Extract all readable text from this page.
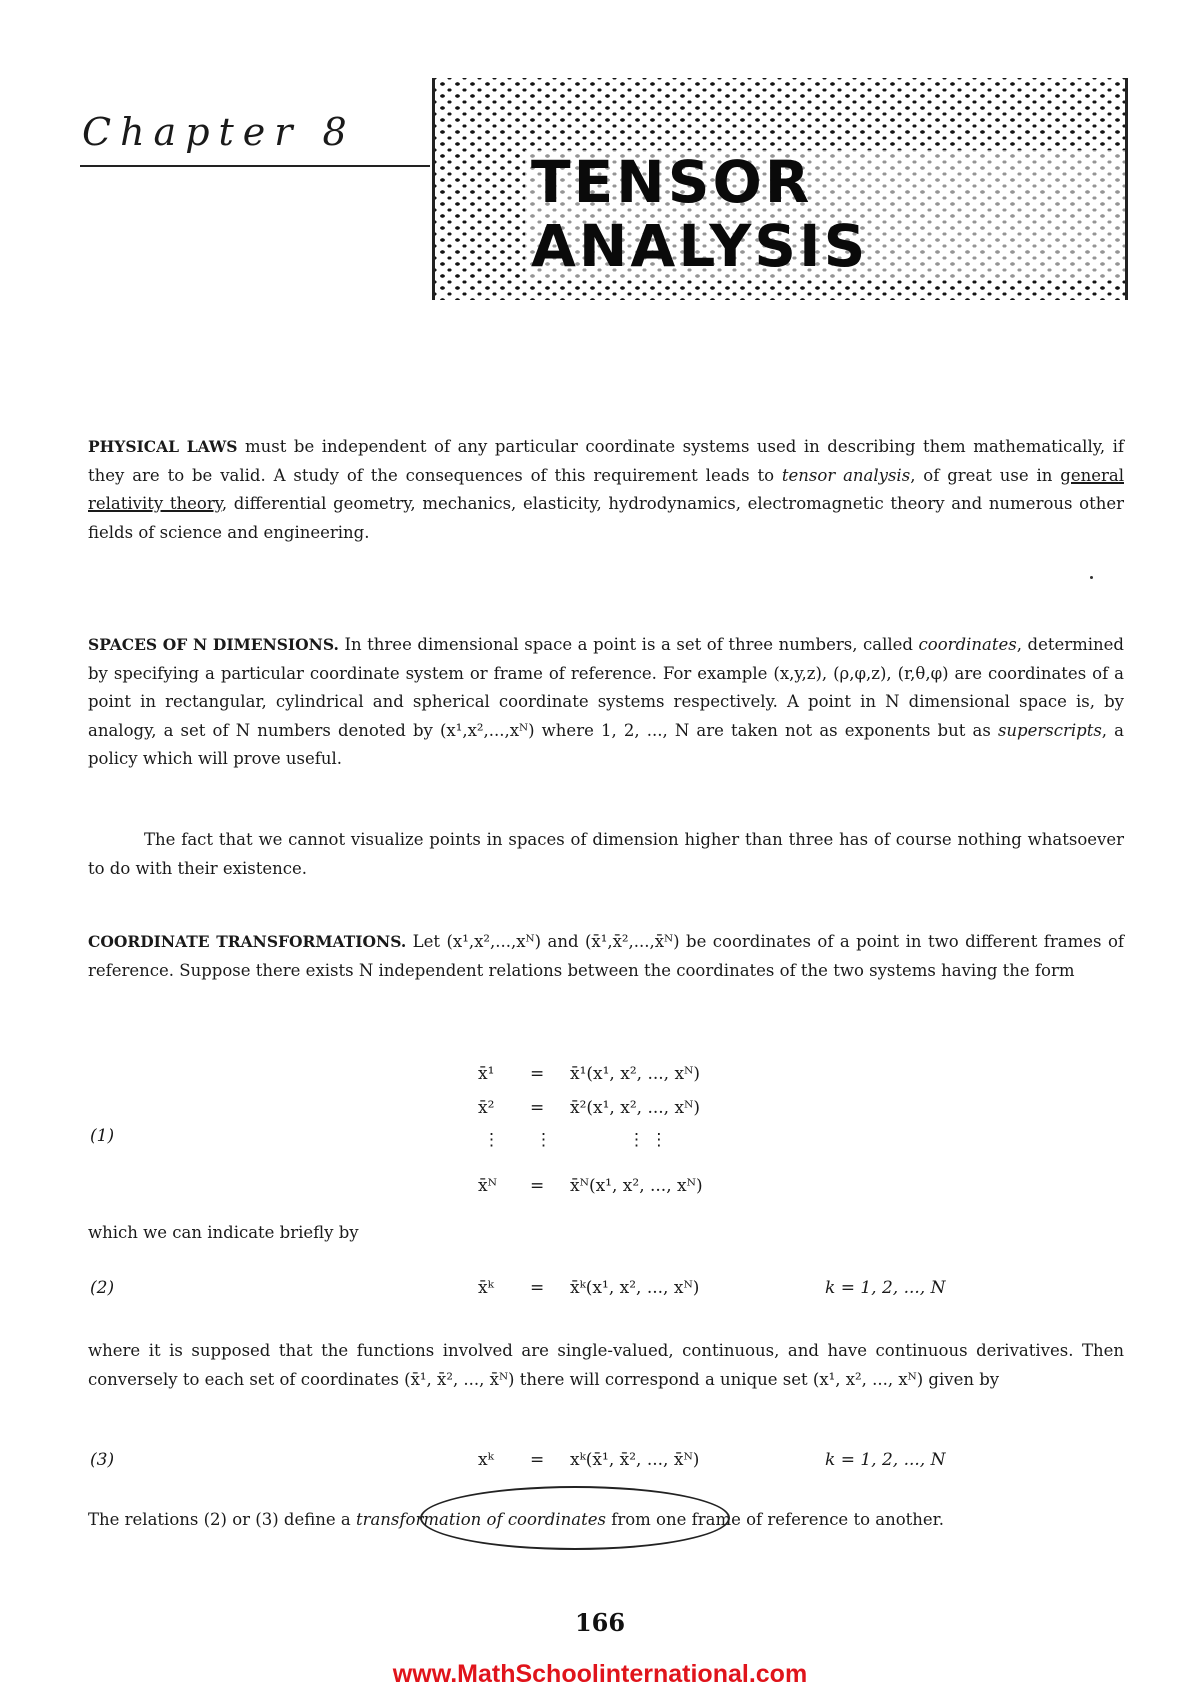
Chapter 8
TENSOR ANALYSIS
PHYSICAL LAWS must be independent of any particular coordinate systems used in describing them mathematically, if they are to be valid. A study of the consequences of this requirement leads to tensor analysis, of great use in general relativity theory, differential geometry, mechanics, elasticity, hydrodynamics, electromagnetic theory and numerous other fields of science and engineering.
SPACES OF N DIMENSIONS. In three dimensional space a point is a set of three numbers, called coordinates, determined by specifying a particular coordinate system or frame of reference. For example (x,y,z), (ρ,φ,z), (r,θ,φ) are coordinates of a point in rectangular, cylindrical and spherical coordinate systems respectively. A point in N dimensional space is, by analogy, a set of N numbers denoted by (x¹,x²,...,xᴺ) where 1, 2, ..., N are taken not as exponents but as superscripts, a policy which will prove useful.
The fact that we cannot visualize points in spaces of dimension higher than three has of course nothing whatsoever to do with their existence.
COORDINATE TRANSFORMATIONS. Let (x¹,x²,...,xᴺ) and (x̄¹,x̄²,...,x̄ᴺ) be coordinates of a point in two different frames of reference. Suppose there exists N independent relations between the coordinates of the two systems having the form
(1)
x̄¹ = x̄¹(x¹, x², ..., xᴺ)
x̄² = x̄²(x¹, x², ..., xᴺ)
⋮ ⋮	⋮ ⋮
x̄ᴺ = x̄ᴺ(x¹, x², ..., xᴺ)
which we can indicate briefly by
(2)	x̄ᵏ = x̄ᵏ(x¹, x², ..., xᴺ)	k = 1, 2, ..., N
where it is supposed that the functions involved are single-valued, continuous, and have continuous derivatives. Then conversely to each set of coordinates (x̄¹, x̄², ..., x̄ᴺ) there will correspond a unique set (x¹, x², ..., xᴺ) given by
(3)	xᵏ = xᵏ(x̄¹, x̄², ..., x̄ᴺ)	k = 1, 2, ..., N
The relations (2) or (3) define a transformation of coordinates from one frame of reference to another.
166
www.MathSchoolinternational.com
